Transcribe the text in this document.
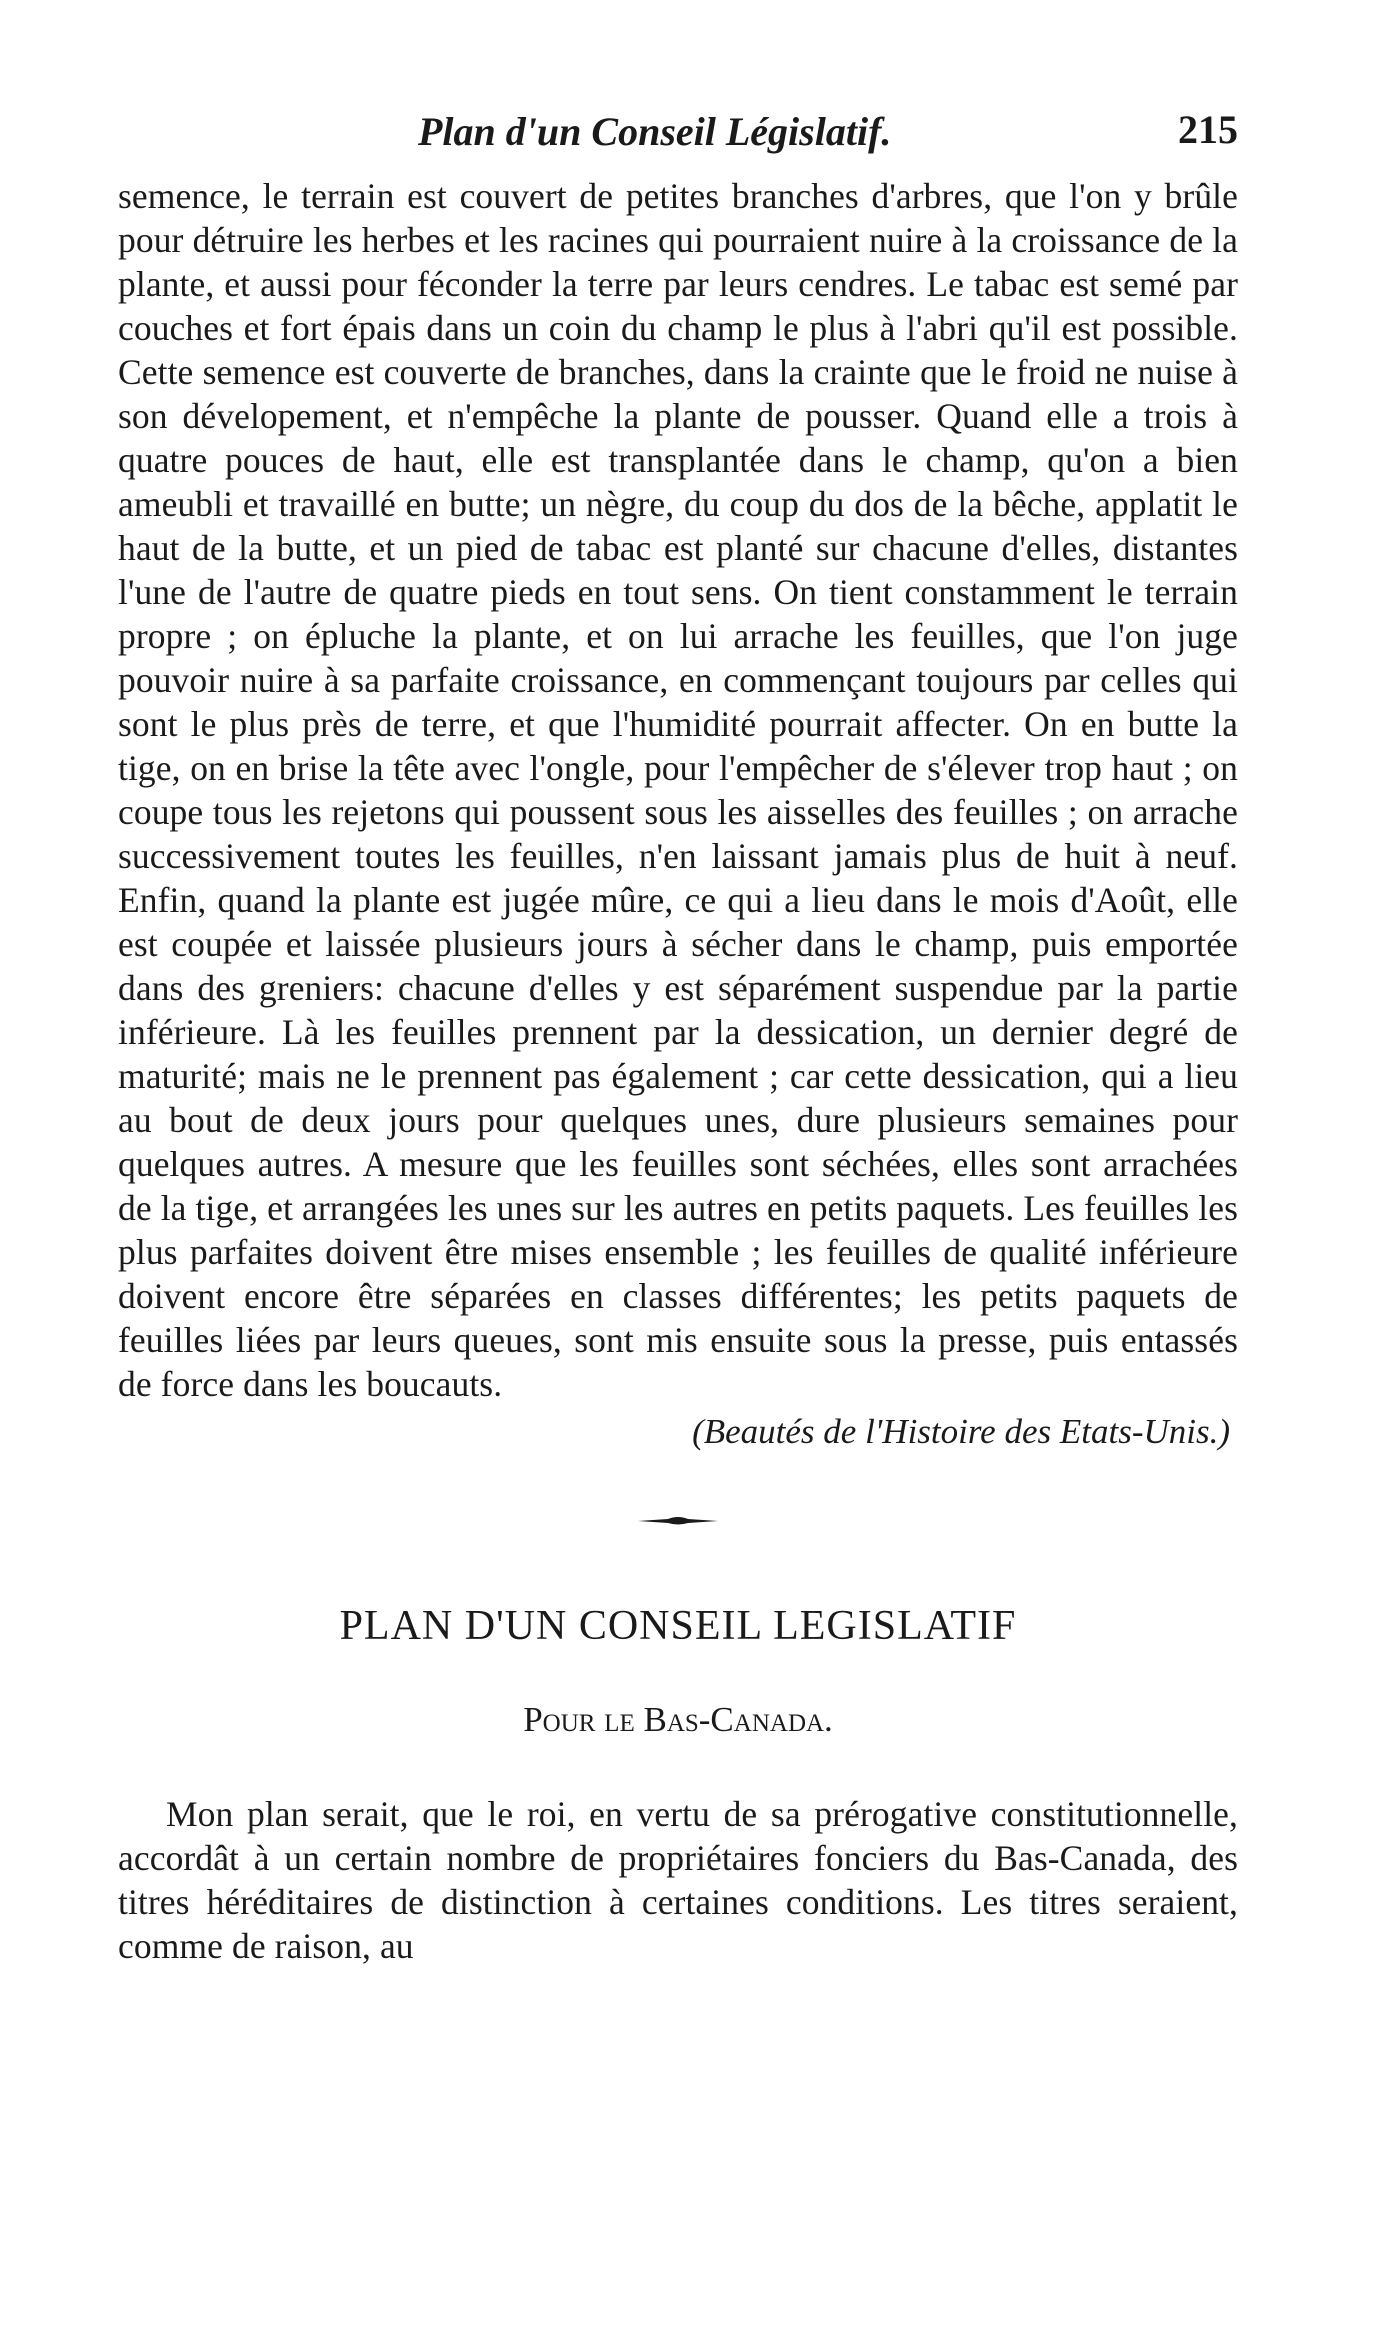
Plan d'un Conseil Législatif.	215

semence, le terrain est couvert de petites branches d'arbres, que l'on y brûle pour détruire les herbes et les racines qui pourraient nuire à la croissance de la plante, et aussi pour féconder la terre par leurs cendres. Le tabac est semé par couches et fort épais dans un coin du champ le plus à l'abri qu'il est possible. Cette semence est couverte de branches, dans la crainte que le froid ne nuise à son dévelopement, et n'empêche la plante de pousser. Quand elle a trois à quatre pouces de haut, elle est transplantée dans le champ, qu'on a bien ameubli et travaillé en butte; un nègre, du coup du dos de la bêche, applatit le haut de la butte, et un pied de tabac est planté sur chacune d'elles, distantes l'une de l'autre de quatre pieds en tout sens. On tient constamment le terrain propre ; on épluche la plante, et on lui arrache les feuilles, que l'on juge pouvoir nuire à sa parfaite croissance, en commençant toujours par celles qui sont le plus près de terre, et que l'humidité pourrait affecter. On en butte la tige, on en brise la tête avec l'ongle, pour l'empêcher de s'élever trop haut ; on coupe tous les rejetons qui poussent sous les aisselles des feuilles ; on arrache successivement toutes les feuilles, n'en laissant jamais plus de huit à neuf. Enfin, quand la plante est jugée mûre, ce qui a lieu dans le mois d'Août, elle est coupée et laissée plusieurs jours à sécher dans le champ, puis emportée dans des greniers: chacune d'elles y est séparément suspendue par la partie inférieure. Là les feuilles prennent par la dessication, un dernier degré de maturité; mais ne le prennent pas également ; car cette dessication, qui a lieu au bout de deux jours pour quelques unes, dure plusieurs semaines pour quelques autres. A mesure que les feuilles sont séchées, elles sont arrachées de la tige, et arrangées les unes sur les autres en petits paquets. Les feuilles les plus parfaites doivent être mises ensemble ; les feuilles de qualité inférieure doivent encore être séparées en classes différentes; les petits paquets de feuilles liées par leurs queues, sont mis ensuite sous la presse, puis entassés de force dans les boucauts.

(Beautés de l'Histoire des Etats-Unis.)
PLAN D'UN CONSEIL LEGISLATIF
Pour le Bas-Canada.
Mon plan serait, que le roi, en vertu de sa prérogative constitutionnelle, accordât à un certain nombre de propriétaires fonciers du Bas-Canada, des titres héréditaires de distinction à certaines conditions. Les titres seraient, comme de raison, au
